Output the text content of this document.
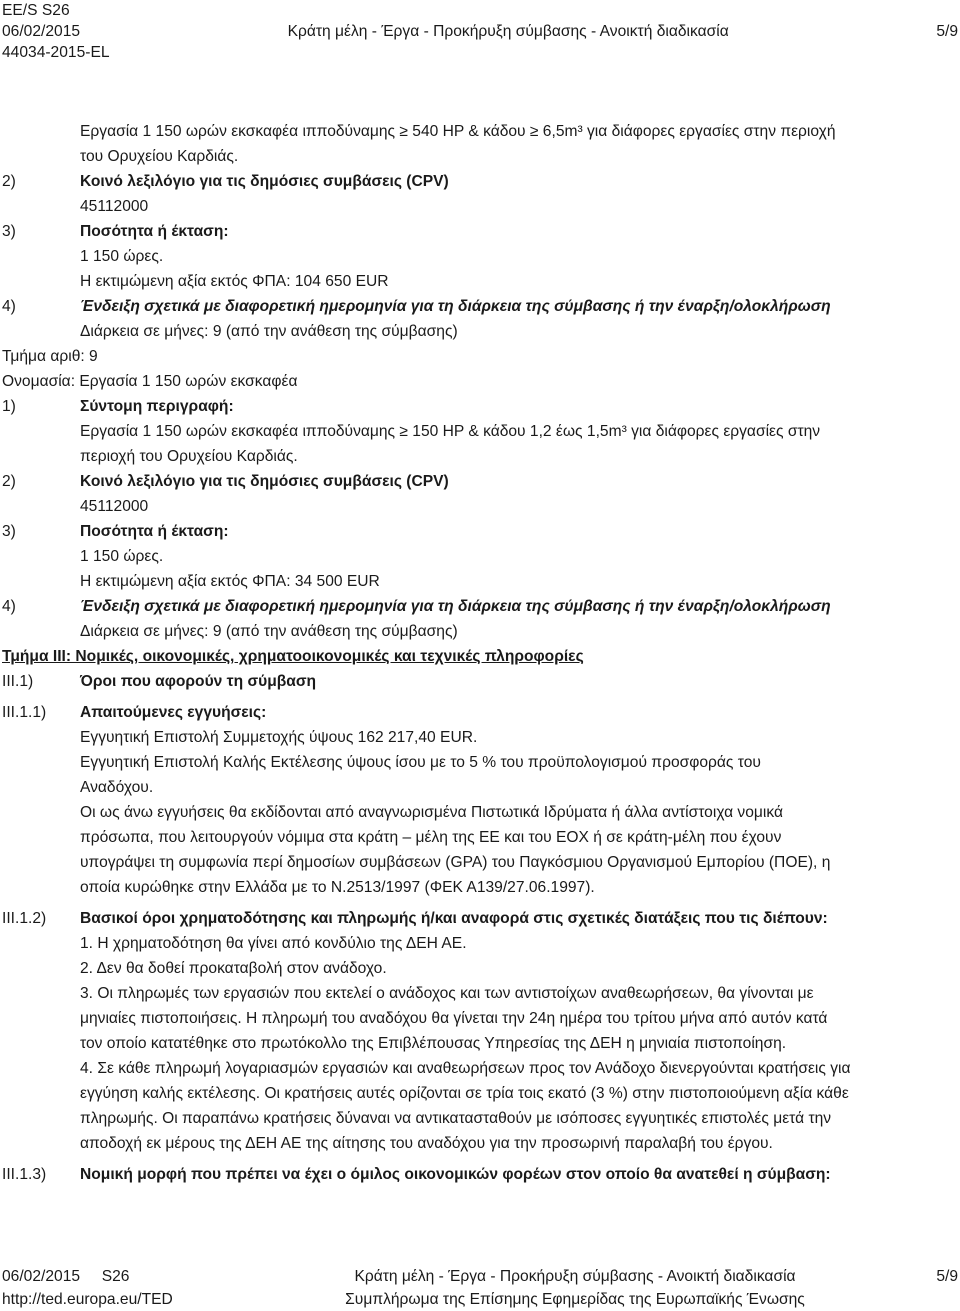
EE/S S26
06/02/2015	Κράτη μέλη - Έργα - Προκήρυξη σύμβασης - Ανοικτή διαδικασία	5/9
44034-2015-EL
Εργασία 1 150 ωρών εκσκαφέα ιπποδύναμης ≥ 540 HP & κάδου ≥ 6,5m³ για διάφορες εργασίες στην περιοχή
του Ορυχείου Καρδιάς.
2)	Κοινό λεξιλόγιο για τις δημόσιες συμβάσεις (CPV)
45112000
3)	Ποσότητα ή έκταση:
1 150 ώρες.
Η εκτιμώμενη αξία εκτός ΦΠΑ: 104 650 EUR
4)	Ένδειξη σχετικά με διαφορετική ημερομηνία για τη διάρκεια της σύμβασης ή την έναρξη/ολοκλήρωση
Διάρκεια σε μήνες: 9 (από την ανάθεση της σύμβασης)
Τμήμα αριθ: 9
Ονομασία: Εργασία 1 150 ωρών εκσκαφέα
1)	Σύντομη περιγραφή:
Εργασία 1 150 ωρών εκσκαφέα ιπποδύναμης ≥ 150 HP & κάδου 1,2 έως 1,5m³ για διάφορες εργασίες στην
περιοχή του Ορυχείου Καρδιάς.
2)	Κοινό λεξιλόγιο για τις δημόσιες συμβάσεις (CPV)
45112000
3)	Ποσότητα ή έκταση:
1 150 ώρες.
Η εκτιμώμενη αξία εκτός ΦΠΑ: 34 500 EUR
4)	Ένδειξη σχετικά με διαφορετική ημερομηνία για τη διάρκεια της σύμβασης ή την έναρξη/ολοκλήρωση
Διάρκεια σε μήνες: 9 (από την ανάθεση της σύμβασης)
Τμήμα III: Νομικές, οικονομικές, χρηματοοικονομικές και τεχνικές πληροφορίες
III.1)	Όροι που αφορούν τη σύμβαση
III.1.1)	Απαιτούμενες εγγυήσεις:
Εγγυητική Επιστολή Συμμετοχής ύψους 162 217,40 EUR.
Εγγυητική Επιστολή Καλής Εκτέλεσης ύψους ίσου με το 5 % του προϋπολογισμού προσφοράς του
Αναδόχου.
Οι ως άνω εγγυήσεις θα εκδίδονται από αναγνωρισμένα Πιστωτικά Ιδρύματα ή άλλα αντίστοιχα νομικά
πρόσωπα, που λειτουργούν νόμιμα στα κράτη – μέλη της ΕΕ και του ΕΟΧ ή σε κράτη-μέλη που έχουν
υπογράψει τη συμφωνία περί δημοσίων συμβάσεων (GPA) του Παγκόσμιου Οργανισμού Εμπορίου (ΠΟΕ), η
οποία κυρώθηκε στην Ελλάδα με το Ν.2513/1997 (ΦΕΚ Α139/27.06.1997).
III.1.2)	Βασικοί όροι χρηματοδότησης και πληρωμής ή/και αναφορά στις σχετικές διατάξεις που τις διέπουν:
1. Η χρηματοδότηση θα γίνει από κονδύλιο της ΔΕΗ ΑΕ.
2. Δεν θα δοθεί προκαταβολή στον ανάδοχο.
3. Οι πληρωμές των εργασιών που εκτελεί ο ανάδοχος και των αντιστοίχων αναθεωρήσεων, θα γίνονται με
μηνιαίες πιστοποιήσεις. Η πληρωμή του αναδόχου θα γίνεται την 24η ημέρα του τρίτου μήνα από αυτόν κατά
τον οποίο κατατέθηκε στο πρωτόκολλο της Επιβλέπουσας Υπηρεσίας της ΔΕΗ η μηνιαία πιστοποίηση.
4. Σε κάθε πληρωμή λογαριασμών εργασιών και αναθεωρήσεων προς τον Ανάδοχο διενεργούνται κρατήσεις για
εγγύηση καλής εκτέλεσης. Οι κρατήσεις αυτές ορίζονται σε τρία τοις εκατό (3 %) στην πιστοποιούμενη αξία κάθε
πληρωμής. Οι παραπάνω κρατήσεις δύναναι να αντικατασταθούν με ισόποσες εγγυητικές επιστολές μετά την
αποδοχή εκ μέρους της ΔΕΗ ΑΕ της αίτησης του αναδόχου για την προσωρινή παραλαβή του έργου.
III.1.3)	Νομική μορφή που πρέπει να έχει ο όμιλος οικονομικών φορέων στον οποίο θα ανατεθεί η σύμβαση:
06/02/2015 S26	Κράτη μέλη - Έργα - Προκήρυξη σύμβασης - Ανοικτή διαδικασία	5/9
http://ted.europa.eu/TED	Συμπλήρωμα της Επίσημης Εφημερίδας της Ευρωπαϊκής Ένωσης
